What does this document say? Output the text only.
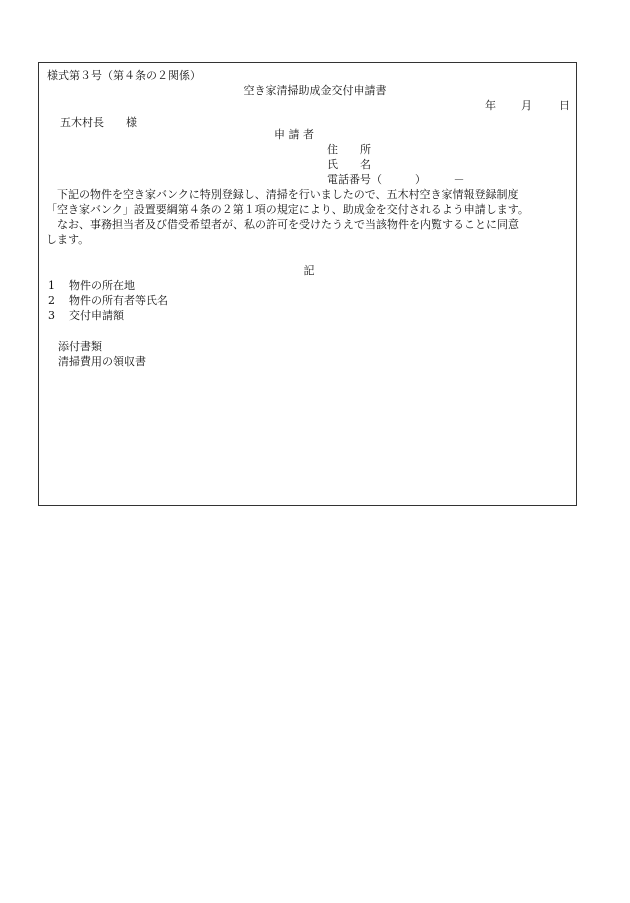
様式第３号（第４条の２関係）
空き家清掃助成金交付申請書
年 月 日
五木村長　　様
申 請 者
住　　所
氏　　名
電話番号（　　　）　　　－
下記の物件を空き家バンクに特別登録し、清掃を行いましたので、五木村空き家情報登録制度
「空き家バンク」設置要綱第４条の２第１項の規定により、助成金を交付されるよう申請します。
なお、事務担当者及び借受希望者が、私の許可を受けたうえで当該物件を内覧することに同意
します。
記
1 物件の所在地
2 物件の所有者等氏名
3 交付申請額
添付書類
清掃費用の領収書
